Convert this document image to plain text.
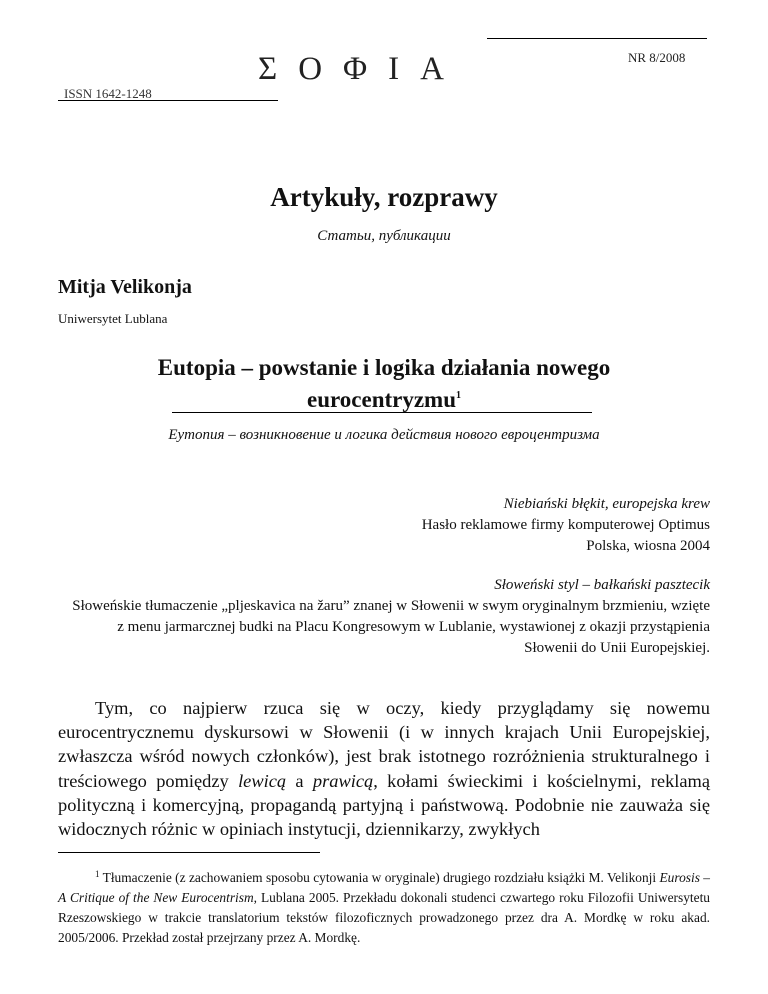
NR 8/2008
ΣΟΦΙΑ
ISSN 1642-1248
Artykuły, rozprawy
Статьи, публикации
Mitja Velikonja
Uniwersytet Lublana
Eutopia – powstanie i logika działania nowego
eurocentryzmu$^1$
Еутопия – возникновение и логика действия нового евроцентризма
Niebiański błękit, europejska krew
Hasło reklamowe firmy komputerowej Optimus
Polska, wiosna 2004
Słoweński styl – bałkański pasztecik
Słoweńskie tłumaczenie „pljeskavica na žaru” znanej w Słowenii w swym oryginalnym brzmieniu, wzięte z menu jarmarcznej budki na Placu Kongresowym w Lublanie, wystawionej z okazji przystąpienia Słowenii do Unii Europejskiej.

Tym, co najpierw rzuca się w oczy, kiedy przyglądamy się nowemu eurocentrycznemu dyskursowi w Słowenii (i w innych krajach Unii Europejskiej, zwłaszcza wśród nowych członków), jest brak istotnego rozróżnienia strukturalnego i treściowego pomiędzy lewicą a prawicą, kołami świeckimi i kościelnymi, reklamą polityczną i komercyjną, propagandą partyjną i państwową. Podobnie nie zauważa się widocznych różnic w opiniach instytucji, dziennikarzy, zwykłych

$^1$ Tłumaczenie (z zachowaniem sposobu cytowania w oryginale) drugiego rozdziału książki M. Velikonji Eurosis – A Critique of the New Eurocentrism, Lublana 2005. Przekładu dokonali studenci czwartego roku Filozofii Uniwersytetu Rzeszowskiego w trakcie translatorium tekstów filozoficznych prowadzonego przez dra A. Mordkę w roku akad. 2005/2006. Przekład został przejrzany przez A. Mordkę.
